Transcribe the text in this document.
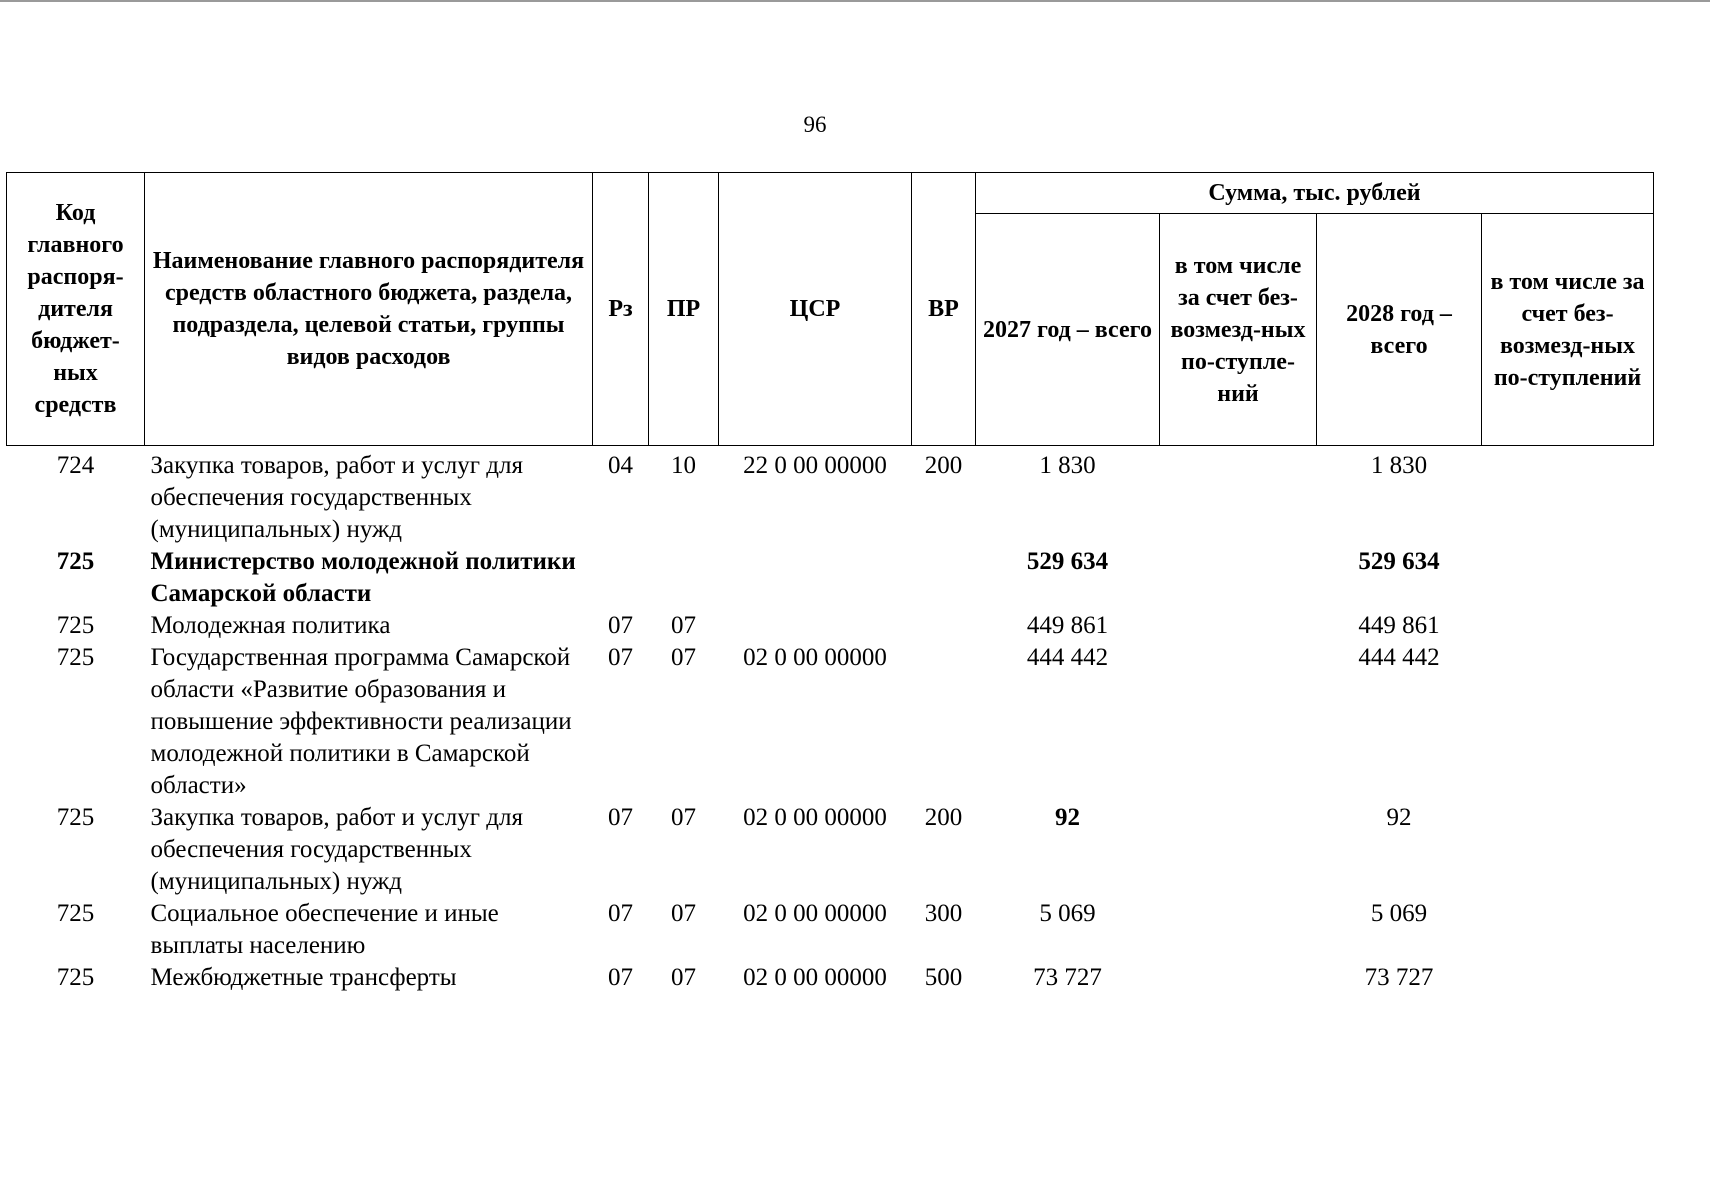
96
Код главного распоря-дителя бюджет-ных средств	Наименование главного распорядителя средств областного бюджета, раздела, подраздела, целевой статьи, группы видов расходов	Рз	ПР	ЦСР	ВР	Сумма, тыс. рублей			
						2027 год – всего	в том числе за счет без-возмезд-ных по-ступле-ний	2028 год – всего	в том числе за счет без-возмезд-ных по-ступлений
724	Закупка товаров, работ и услуг для обеспечения государственных (муниципальных) нужд	04	10	22 0 00 00000	200	1 830		1 830	
725	Министерство молодежной политики Самарской области					529 634		529 634	
725	Молодежная политика	07	07			449 861		449 861	
725	Государственная программа Самарской области «Развитие образования и повышение эффективности реализации молодежной политики в Самарской области»	07	07	02 0 00 00000		444 442		444 442	
725	Закупка товаров, работ и услуг для обеспечения государственных (муниципальных) нужд	07	07	02 0 00 00000	200	92		92	
725	Социальное обеспечение и иные выплаты населению	07	07	02 0 00 00000	300	5 069		5 069	
725	Межбюджетные трансферты	07	07	02 0 00 00000	500	73 727		73 727	
